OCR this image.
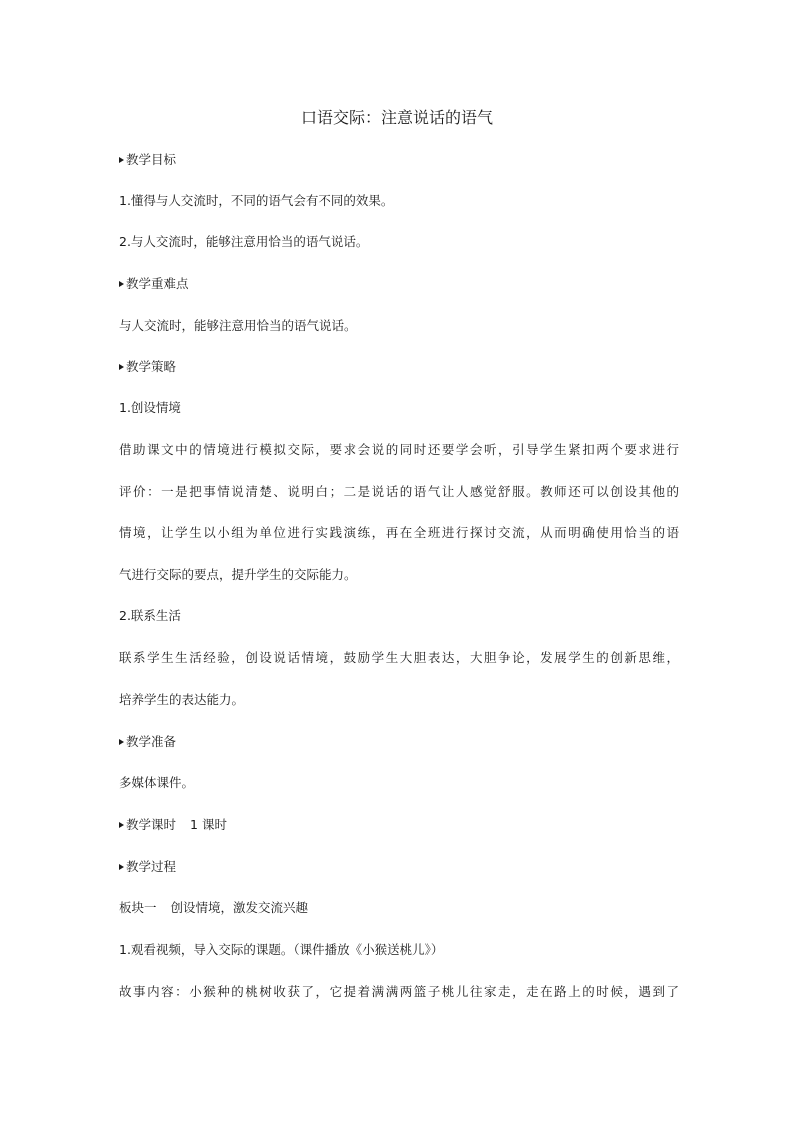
口语交际：注意说话的语气
教学目标
1.懂得与人交流时，不同的语气会有不同的效果。
2.与人交流时，能够注意用恰当的语气说话。
教学重难点
与人交流时，能够注意用恰当的语气说话。
教学策略
1.创设情境
借助课文中的情境进行模拟交际，要求会说的同时还要学会听，引导学生紧扣两个要求进行
评价：一是把事情说清楚、说明白；二是说话的语气让人感觉舒服。教师还可以创设其他的
情境，让学生以小组为单位进行实践演练，再在全班进行探讨交流，从而明确使用恰当的语
气进行交际的要点，提升学生的交际能力。
2.联系生活
联系学生生活经验，创设说话情境，鼓励学生大胆表达，大胆争论，发展学生的创新思维，
培养学生的表达能力。
教学准备
多媒体课件。
教学课时 1 课时
教学过程
板块一 创设情境，激发交流兴趣
1.观看视频，导入交际的课题。（课件播放《小猴送桃儿》）
故事内容：小猴种的桃树收获了，它提着满满两篮子桃儿往家走，走在路上的时候，遇到了
